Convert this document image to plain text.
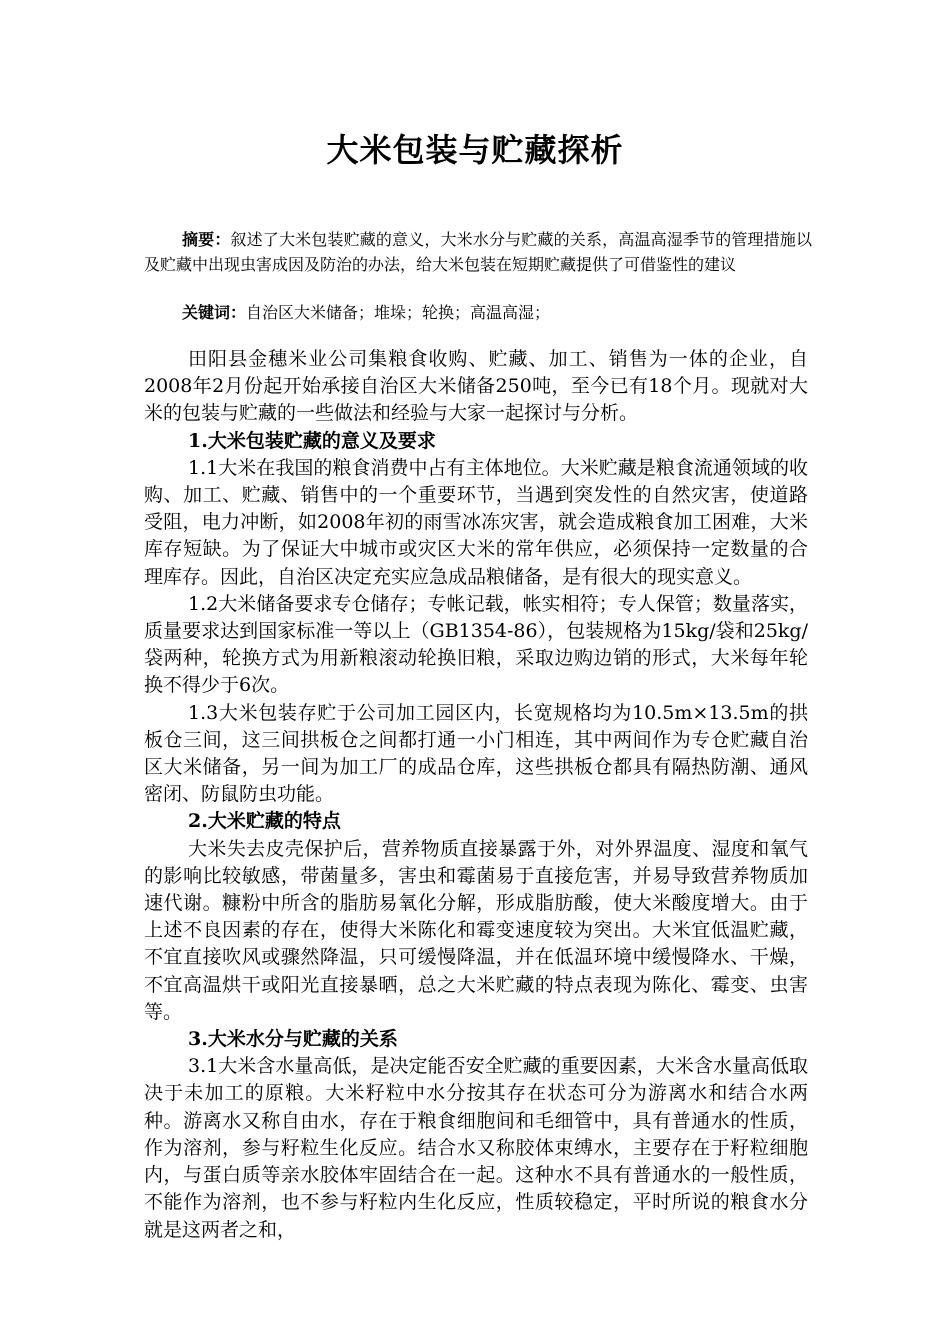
大米包装与贮藏探析
摘要：叙述了大米包装贮藏的意义，大米水分与贮藏的关系，高温高湿季节的管理措施以及贮藏中出现虫害成因及防治的办法，给大米包装在短期贮藏提供了可借鉴性的建议
关键词：自治区大米储备；堆垛；轮换；高温高湿；

田阳县金穗米业公司集粮食收购、贮藏、加工、销售为一体的企业，自2008年2月份起开始承接自治区大米储备250吨，至今已有18个月。现就对大米的包装与贮藏的一些做法和经验与大家一起探讨与分析。

1.大米包装贮藏的意义及要求

1.1大米在我国的粮食消费中占有主体地位。大米贮藏是粮食流通领域的收购、加工、贮藏、销售中的一个重要环节，当遇到突发性的自然灾害，使道路受阻，电力冲断，如2008年初的雨雪冰冻灾害，就会造成粮食加工困难，大米库存短缺。为了保证大中城市或灾区大米的常年供应，必须保持一定数量的合理库存。因此，自治区决定充实应急成品粮储备，是有很大的现实意义。

1.2大米储备要求专仓储存；专帐记载，帐实相符；专人保管；数量落实，质量要求达到国家标准一等以上（GB1354-86），包装规格为15kg/袋和25kg/袋两种，轮换方式为用新粮滚动轮换旧粮，采取边购边销的形式，大米每年轮换不得少于6次。

1.3大米包装存贮于公司加工园区内，长宽规格均为10.5m×13.5m的拱板仓三间，这三间拱板仓之间都打通一小门相连，其中两间作为专仓贮藏自治区大米储备，另一间为加工厂的成品仓库，这些拱板仓都具有隔热防潮、通风密闭、防鼠防虫功能。

2.大米贮藏的特点

大米失去皮壳保护后，营养物质直接暴露于外，对外界温度、湿度和氧气的影响比较敏感，带菌量多，害虫和霉菌易于直接危害，并易导致营养物质加速代谢。糠粉中所含的脂肪易氧化分解，形成脂肪酸，使大米酸度增大。由于上述不良因素的存在，使得大米陈化和霉变速度较为突出。大米宜低温贮藏，不宜直接吹风或骤然降温，只可缓慢降温，并在低温环境中缓慢降水、干燥，不宜高温烘干或阳光直接暴晒，总之大米贮藏的特点表现为陈化、霉变、虫害等。

3.大米水分与贮藏的关系

3.1大米含水量高低，是决定能否安全贮藏的重要因素，大米含水量高低取决于未加工的原粮。大米籽粒中水分按其存在状态可分为游离水和结合水两种。游离水又称自由水，存在于粮食细胞间和毛细管中，具有普通水的性质，作为溶剂，参与籽粒生化反应。结合水又称胶体束缚水，主要存在于籽粒细胞内，与蛋白质等亲水胶体牢固结合在一起。这种水不具有普通水的一般性质，不能作为溶剂，也不参与籽粒内生化反应，性质较稳定，平时所说的粮食水分就是这两者之和，
